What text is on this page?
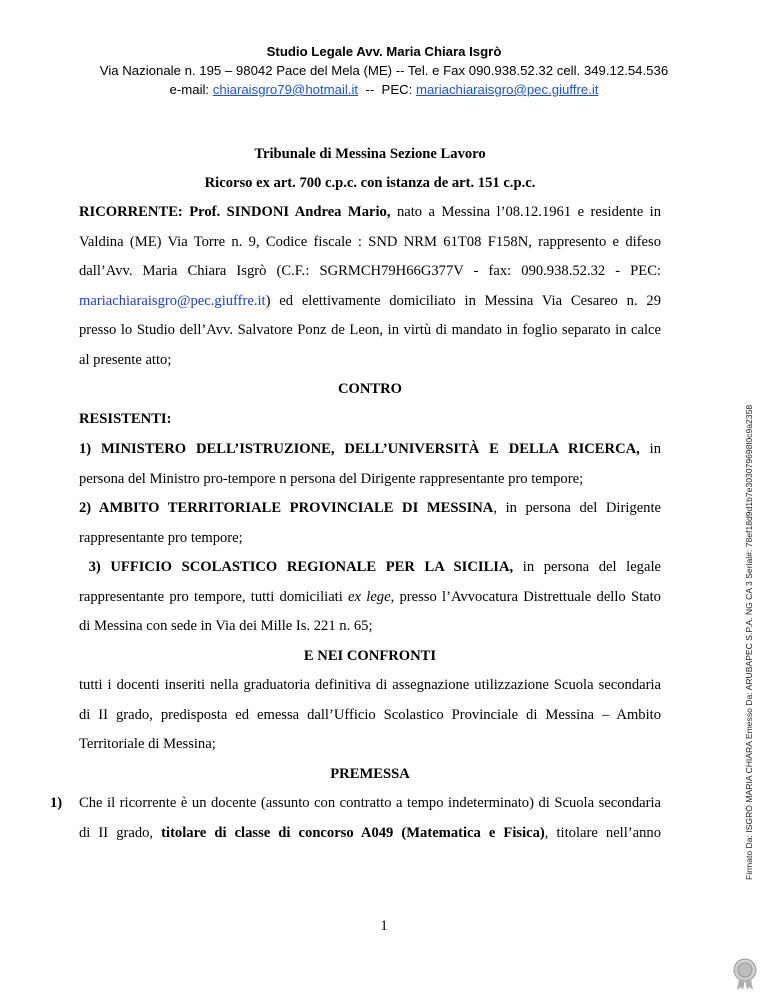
Studio Legale Avv. Maria Chiara Isgrò
Via Nazionale n. 195 – 98042 Pace del Mela (ME) -- Tel. e Fax 090.938.52.32 cell. 349.12.54.536
e-mail: chiaraisgro79@hotmail.it  --  PEC: mariachiaraisgro@pec.giuffre.it
Tribunale di Messina Sezione Lavoro
Ricorso ex art. 700 c.p.c. con istanza de art. 151 c.p.c.
RICORRENTE: Prof. SINDONI Andrea Mario, nato a Messina l’08.12.1961 e residente in
Valdina (ME) Via Torre n. 9, Codice fiscale : SND NRM 61T08 F158N, rappresento e difeso
dall’Avv. Maria Chiara Isgrò (C.F.: SGRMCH79H66G377V - fax: 090.938.52.32 - PEC:
mariachiaraisgro@pec.giuffre.it) ed elettivamente domiciliato in Messina Via Cesareo n. 29
presso lo Studio dell’Avv. Salvatore Ponz de Leon, in virtù di mandato in foglio separato in calce
al presente atto;
CONTRO
RESISTENTI:
1) MINISTERO DELL’ISTRUZIONE, DELL’UNIVERSITÀ E DELLA RICERCA, in
persona del Ministro pro-tempore n persona del Dirigente rappresentante pro tempore;
2) AMBITO TERRITORIALE PROVINCIALE DI MESSINA, in persona del Dirigente
rappresentante pro tempore;
3) UFFICIO SCOLASTICO REGIONALE PER LA SICILIA, in persona del legale
rappresentante pro tempore, tutti domiciliati ex lege, presso l’Avvocatura Distrettuale dello Stato
di Messina con sede in Via dei Mille Is. 221 n. 65;
E NEI CONFRONTI
tutti i docenti inseriti nella graduatoria definitiva di assegnazione utilizzazione Scuola secondaria
di II grado, predisposta ed emessa dall’Ufficio Scolastico Provinciale di Messina – Ambito
Territoriale di Messina;
PREMESSA
1) Che il ricorrente è un docente (assunto con contratto a tempo indeterminato) di Scuola secondaria
di II grado, titolare di classe di concorso A049 (Matematica e Fisica), titolare nell’anno
1
Firmato Da: ISGRÒ MARIA CHIARA Emesso Da: ARUBAPEC S.P.A. NG CA 3 Serial#: 78ef18d9d1b7e303079698l0c9a2358
